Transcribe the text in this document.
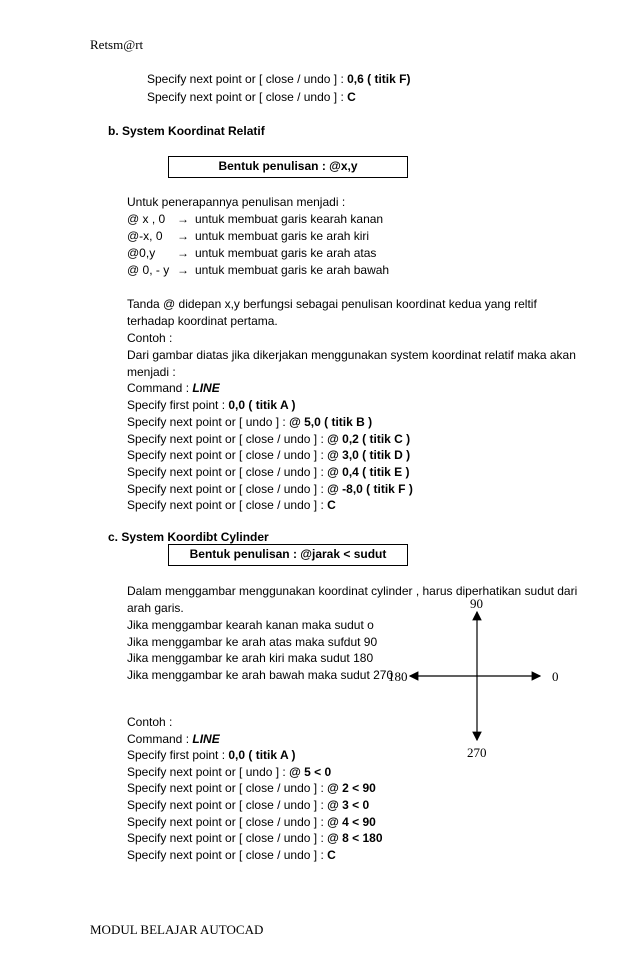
Retsm@rt
Specify next point or [ close / undo ] : 0,6 ( titik F)
Specify next point or [ close / undo ] : C
b. System Koordinat Relatif
Bentuk penulisan : @x,y
Untuk penerapannya penulisan menjadi :
@ x , 0 → untuk membuat garis kearah kanan
@-x, 0 → untuk membuat garis ke arah kiri
@0,y → untuk membuat garis ke arah atas
@ 0, - y → untuk membuat garis ke arah bawah
Tanda @ didepan x,y berfungsi sebagai penulisan koordinat kedua yang reltif
terhadap koordinat pertama.
Contoh :
Dari gambar diatas jika dikerjakan menggunakan system koordinat relatif maka akan
menjadi :
Command : LINE
Specify first point : 0,0 ( titik A )
Specify next point or [ undo ] : @ 5,0 ( titik B )
Specify next point or [ close / undo ] : @ 0,2 ( titik C )
Specify next point or [ close / undo ] : @ 3,0 ( titik D )
Specify next point or [ close / undo ] : @ 0,4 ( titik E )
Specify next point or [ close / undo ] : @ -8,0 ( titik F )
Specify next point or [ close / undo ] : C
c. System Koordibt Cylinder
Bentuk penulisan : @jarak < sudut
Dalam menggambar menggunakan koordinat cylinder , harus diperhatikan sudut dari
arah garis.
Jika menggambar kearah kanan maka sudut o
Jika menggambar ke arah atas maka sufdut 90
Jika menggambar ke arah kiri maka sudut 180
Jika menggambar ke arah bawah maka sudut 270
90
0
180
270
Contoh :
Command : LINE
Specify first point : 0,0 ( titik A )
Specify next point or [ undo ] : @ 5 < 0
Specify next point or [ close / undo ] : @ 2 < 90
Specify next point or [ close / undo ] : @ 3 < 0
Specify next point or [ close / undo ] : @ 4 < 90
Specify next point or [ close / undo ] : @ 8 < 180
Specify next point or [ close / undo ] : C
MODUL BELAJAR AUTOCAD
